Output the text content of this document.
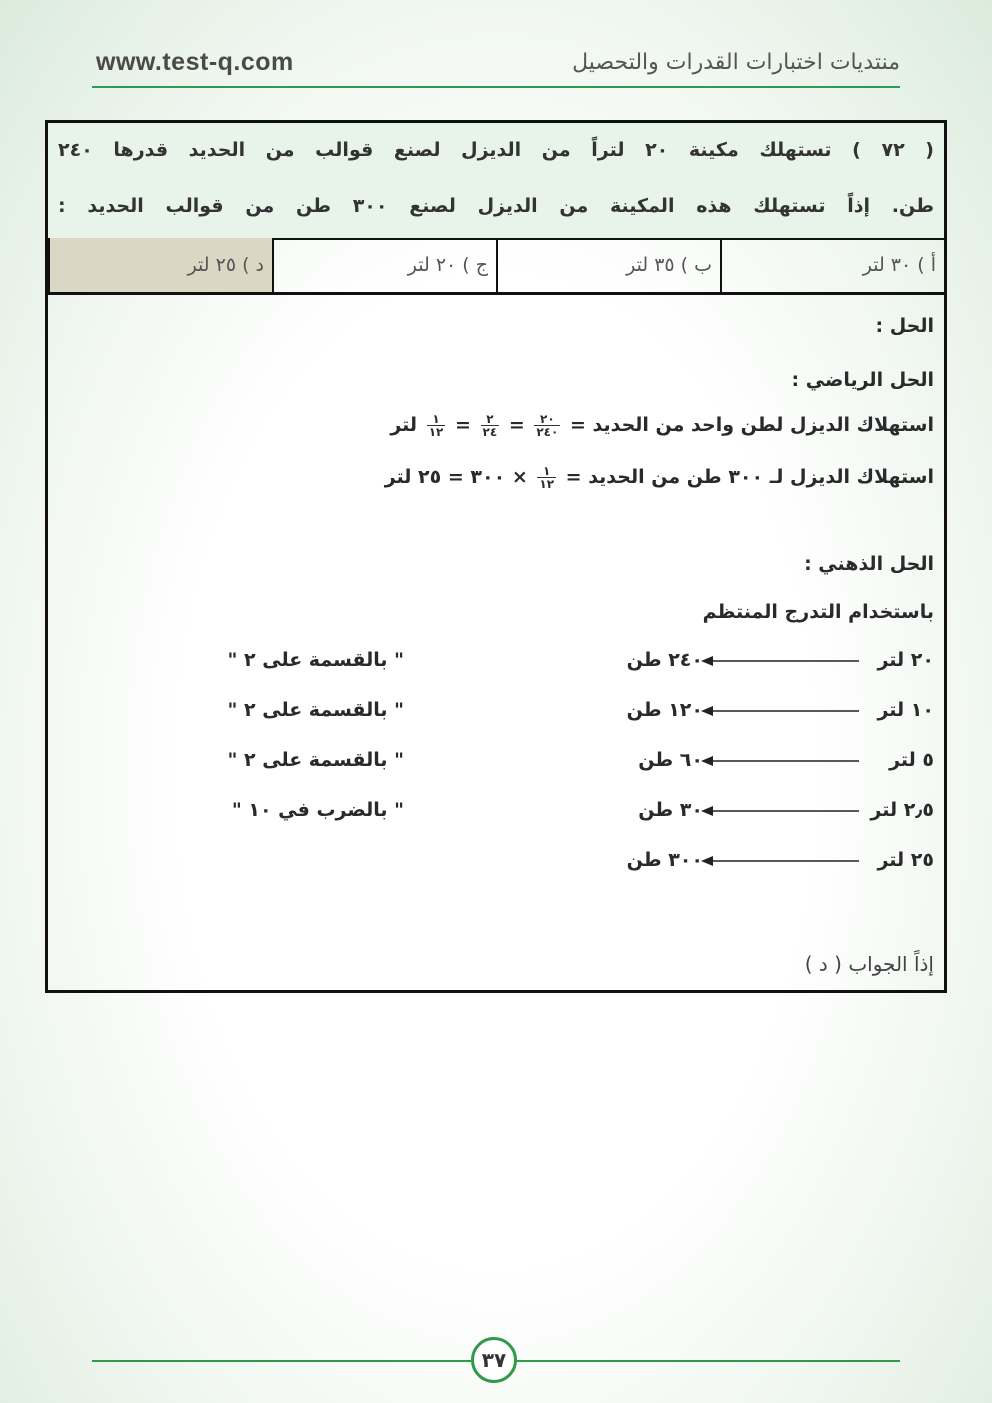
www.test-q.com	منتديات اختبارات القدرات والتحصيل
( ٧٢ ) تستهلك مكينة ٢٠ لتراً من الديزل لصنع قوالب من الحديد قدرها ٢٤٠
طن. إذاً تستهلك هذه المكينة من الديزل لصنع ٣٠٠ طن من قوالب الحديد :
أ ) ٣٠ لتر
ب ) ٣٥ لتر
ج ) ٢٠ لتر
د ) ٢٥ لتر
الحل :
الحل الرياضي :
استهلاك الديزل لطن واحد من الحديد =
$\frac{٢٠}{٢٤٠}$
=
$\frac{٢}{٢٤}$
=
$\frac{١}{١٢}$
لتر
استهلاك الديزل لـ ٣٠٠ طن من الحديد =
$\frac{١}{١٢}$
× ٣٠٠ = ٢٥ لتر
الحل الذهني :
باستخدام التدرج المنتظم
٢٠ لتر
٢٤٠ طن
" بالقسمة على ٢ "
١٠ لتر
١٢٠ طن
" بالقسمة على ٢ "
٥ لتر
٦٠ طن
" بالقسمة على ٢ "
٢٫٥ لتر
٣٠ طن
" بالضرب في ١٠ "
٢٥ لتر
٣٠٠ طن
إذاً الجواب ( د )
٣٧
